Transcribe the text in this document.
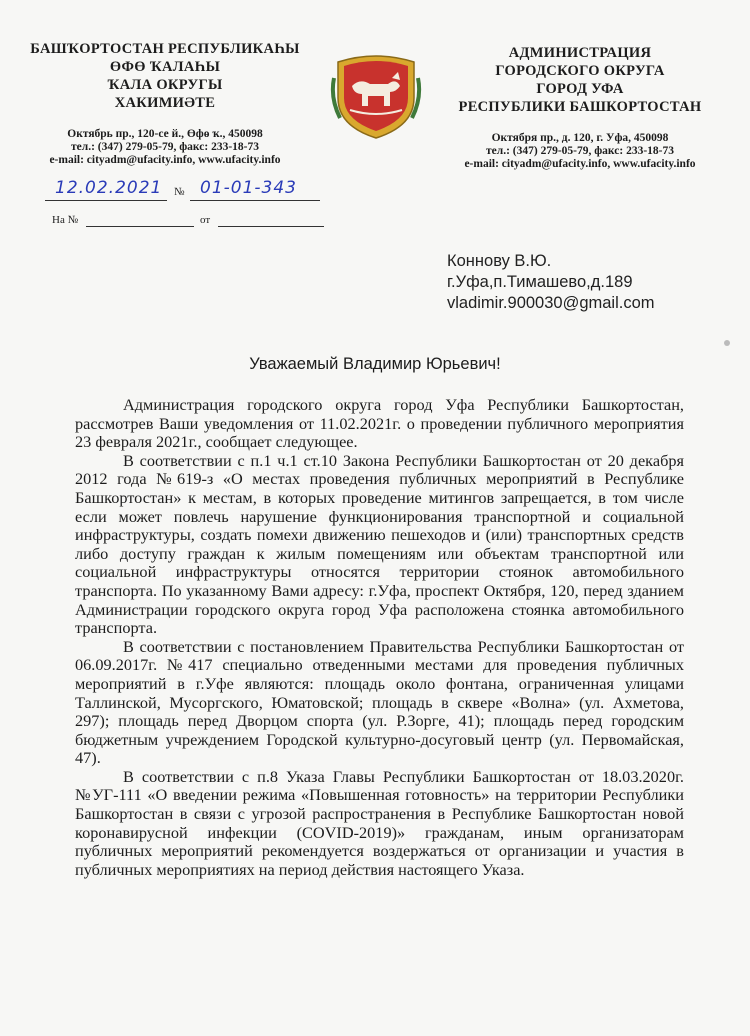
БАШҠОРТОСТАН РЕСПУБЛИКАҺЫ
ӨФӨ ҠАЛАҺЫ
ҠАЛА ОКРУГЫ
ХАКИМИӘТЕ
Октябрь пр., 120-се й., Өфө ҡ., 450098
тел.: (347) 279-05-79, факс: 233-18-73
e-mail: cityadm@ufacity.info, www.ufacity.info
АДМИНИСТРАЦИЯ
ГОРОДСКОГО ОКРУГА
ГОРОД УФА
РЕСПУБЛИКИ БАШКОРТОСТАН
Октября пр., д. 120, г. Уфа, 450098
тел.: (347) 279-05-79, факс: 233-18-73
e-mail: cityadm@ufacity.info, www.ufacity.info
12.02.2021 № 01-01-343
На №	от
Коннову В.Ю.
г.Уфа,п.Тимашево,д.189
vladimir.900030@gmail.com
Уважаемый Владимир Юрьевич!

Администрация городского округа город Уфа Республики Башкортостан, рассмотрев Ваши уведомления от 11.02.2021г. о проведении публичного мероприятия 23 февраля 2021г., сообщает следующее.

В соответствии с п.1 ч.1 ст.10 Закона Республики Башкортостан от 20 декабря 2012 года №619-з «О местах проведения публичных мероприятий в Республике Башкортостан» к местам, в которых проведение митингов запрещается, в том числе если может повлечь нарушение функционирования транспортной и социальной инфраструктуры, создать помехи движению пешеходов и (или) транспортных средств либо доступу граждан к жилым помещениям или объектам транспортной или социальной инфраструктуры относятся территории стоянок автомобильного транспорта. По указанному Вами адресу: г.Уфа, проспект Октября, 120, перед зданием Администрации городского округа город Уфа расположена стоянка автомобильного транспорта.

В соответствии с постановлением Правительства Республики Башкортостан от 06.09.2017г. №417 специально отведенными местами для проведения публичных мероприятий в г.Уфе являются: площадь около фонтана, ограниченная улицами Таллинской, Мусоргского, Юматовской; площадь в сквере «Волна» (ул. Ахметова, 297); площадь перед Дворцом спорта (ул. Р.Зорге, 41); площадь перед городским бюджетным учреждением Городской культурно-досуговый центр (ул. Первомайская, 47).

В соответствии с п.8 Указа Главы Республики Башкортостан от 18.03.2020г. №УГ-111 «О введении режима «Повышенная готовность» на территории Республики Башкортостан в связи с угрозой распространения в Республике Башкортостан новой коронавирусной инфекции (COVID-2019)» гражданам, иным организаторам публичных мероприятий рекомендуется воздержаться от организации и участия в публичных мероприятиях на период действия настоящего Указа.
